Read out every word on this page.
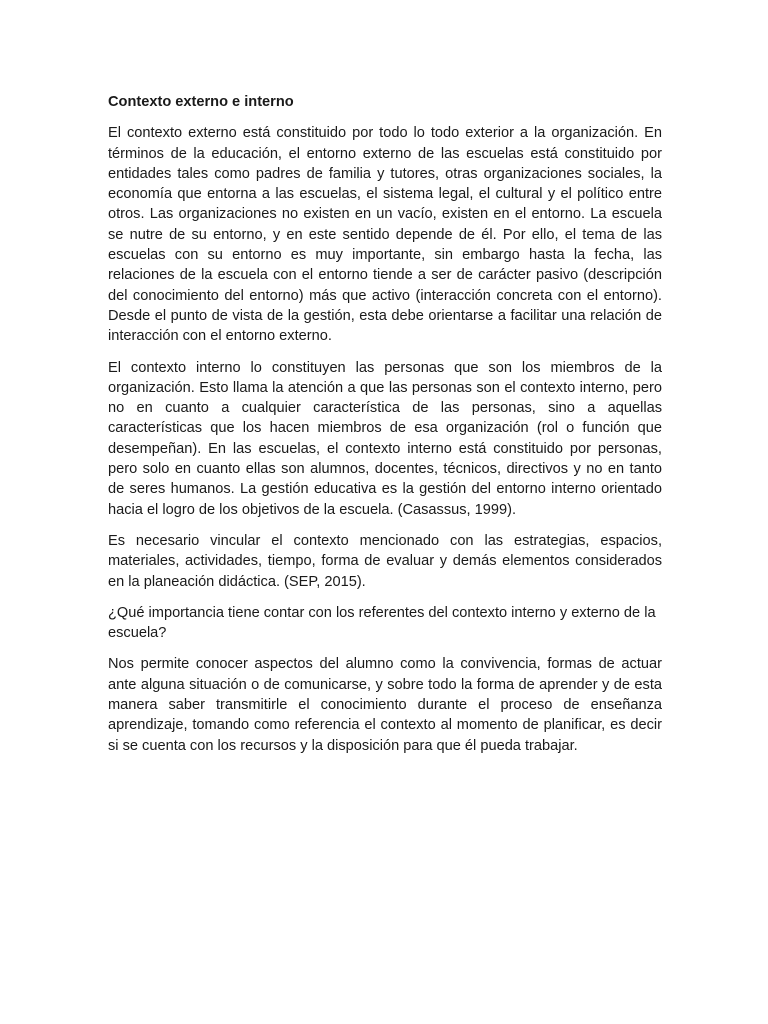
Contexto externo e interno

El contexto externo está constituido por todo lo todo exterior a la organización. En términos de la educación, el entorno externo de las escuelas está constituido por entidades tales como padres de familia y tutores, otras organizaciones sociales, la economía que entorna a las escuelas, el sistema legal, el cultural y el político entre otros. Las organizaciones no existen en un vacío, existen en el entorno. La escuela se nutre de su entorno, y en este sentido depende de él. Por ello, el tema de las escuelas con su entorno es muy importante, sin embargo hasta la fecha, las relaciones de la escuela con el entorno tiende a ser de carácter pasivo (descripción del conocimiento del entorno) más que activo (interacción concreta con el entorno).  Desde el punto de vista de la gestión, esta debe orientarse a facilitar una relación de interacción con el entorno externo.

El contexto interno lo constituyen las personas que son los miembros de la organización. Esto llama la atención a que las personas son el contexto interno, pero no en cuanto a cualquier característica de las personas, sino a aquellas características que los hacen miembros de esa organización (rol o función que desempeñan). En las escuelas, el contexto interno está constituido por personas, pero solo en cuanto ellas son alumnos, docentes, técnicos, directivos y no en tanto de seres humanos. La gestión educativa es la gestión del entorno interno orientado hacia el logro de los objetivos de la escuela. (Casassus, 1999).

Es necesario vincular el contexto mencionado con las estrategias, espacios, materiales, actividades, tiempo, forma de evaluar y demás elementos considerados en la planeación didáctica. (SEP, 2015).

¿Qué importancia tiene contar con los referentes del contexto interno y externo de la escuela?

Nos permite conocer aspectos del alumno como la convivencia, formas de actuar ante alguna situación o de comunicarse, y sobre todo la forma de aprender y de esta manera saber transmitirle el conocimiento durante el proceso de enseñanza aprendizaje, tomando como referencia el contexto al momento de planificar, es decir si se cuenta con los recursos y la disposición para que él pueda trabajar.
